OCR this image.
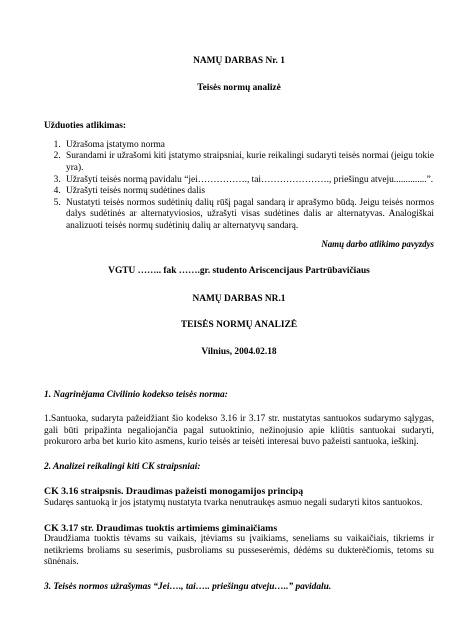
NAMŲ DARBAS Nr. 1

Teisės normų analizė

Užduoties atlikimas:

1. Užrašoma įstatymo norma
2. Surandami ir užrašomi kiti įstatymo straipsniai, kurie reikalingi sudaryti teisės normai (jeigu tokie yra).
3. Užrašyti teisės normą pavidalu “jei……………., tai…………………., priešingu atveju..............”.
4. Užrašyti teisės normų sudėtines dalis
5. Nustatyti teisės normos sudėtinių dalių rūšį pagal sandarą ir aprašymo būdą. Jeigu teisės normos dalys sudėtinės ar alternatyviosios, užrašyti visas sudėtines dalis ar alternatyvas. Analogiškai analizuoti teisės normų sudėtinių dalių ar alternatyvų sandarą.

Namų darbo atlikimo pavyzdys

VGTU …….. fak …….gr. studento Ariscencijaus Partrūbavičiaus

NAMŲ DARBAS NR.1

TEISĖS NORMŲ ANALIZĖ

Vilnius, 2004.02.18

1. Nagrinėjama Civilinio kodekso teisės norma:

1.Santuoka, sudaryta pažeidžiant šio kodekso 3.16 ir 3.17 str. nustatytas santuokos sudarymo sąlygas, gali būti pripažinta negaliojančia pagal sutuoktinio, nežinojusio apie kliūtis santuokai sudaryti, prokuroro arba bet kurio kito asmens, kurio teisės ar teisėti interesai buvo pažeisti santuoka, ieškinį.

2. Analizei reikalingi kiti CK straipsniai:

CK 3.16 straipsnis. Draudimas pažeisti monogamijos principą

Sudaręs santuoką ir jos įstatymų nustatyta tvarka nenutraukęs asmuo negali sudaryti kitos santuokos.

CK 3.17 str. Draudimas tuoktis artimiems giminaičiams

Draudžiama tuoktis tėvams su vaikais, įtėviams su įvaikiams, seneliams su vaikaičiais, tikriems ir netikriems broliams su seserimis, pusbroliams su pusseserėmis, dėdėms su dukterėčiomis, tetoms su sūnėnais.

3. Teisės normos užrašymas “Jei…., tai….. priešingu atveju…..” pavidalu.
